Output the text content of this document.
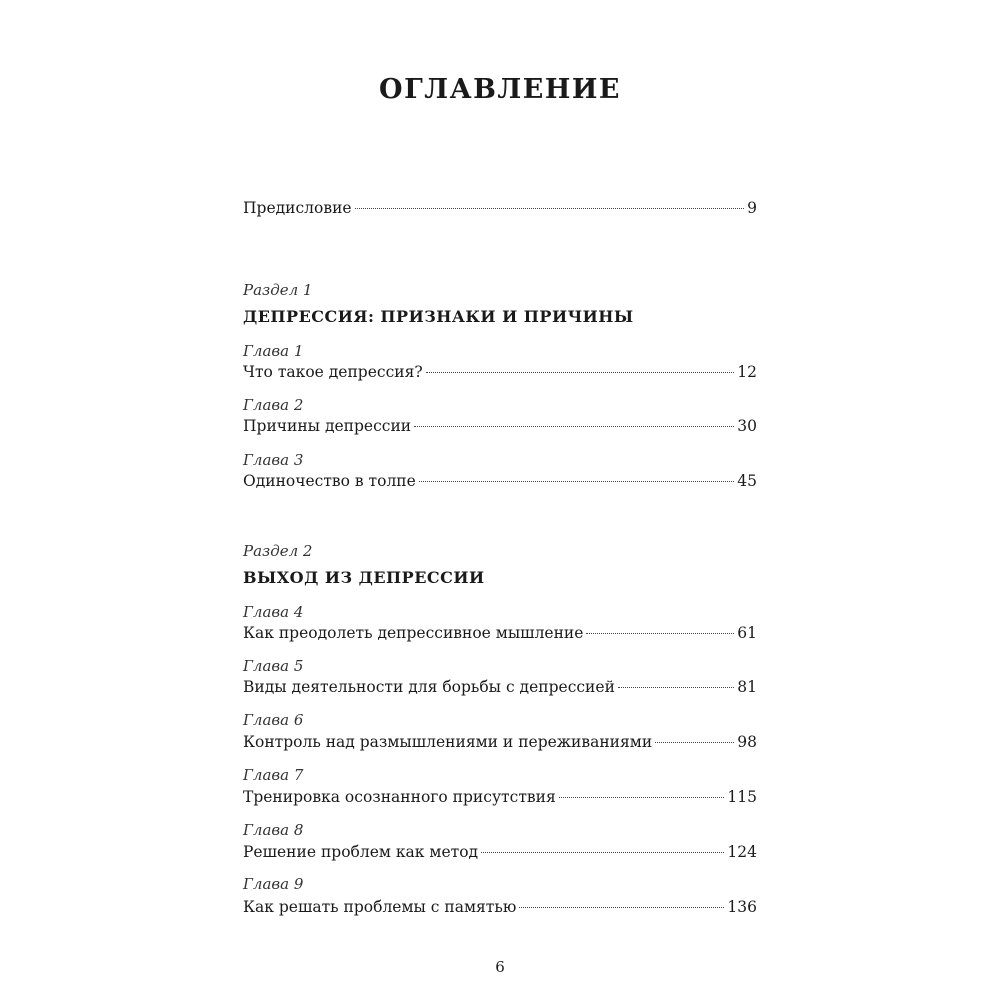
ОГЛАВЛЕНИЕ
Предисловие	9
Раздел 1
ДЕПРЕССИЯ: ПРИЗНАКИ И ПРИЧИНЫ
Глава 1
Что такое депрессия?	12
Глава 2
Причины депрессии	30
Глава 3
Одиночество в толпе	45
Раздел 2
ВЫХОД ИЗ ДЕПРЕССИИ
Глава 4
Как преодолеть депрессивное мышление	61
Глава 5
Виды деятельности для борьбы с депрессией	81
Глава 6
Контроль над размышлениями и переживаниями	98
Глава 7
Тренировка осознанного присутствия	115
Глава 8
Решение проблем как метод	124
Глава 9
Как решать проблемы с памятью	136
6
